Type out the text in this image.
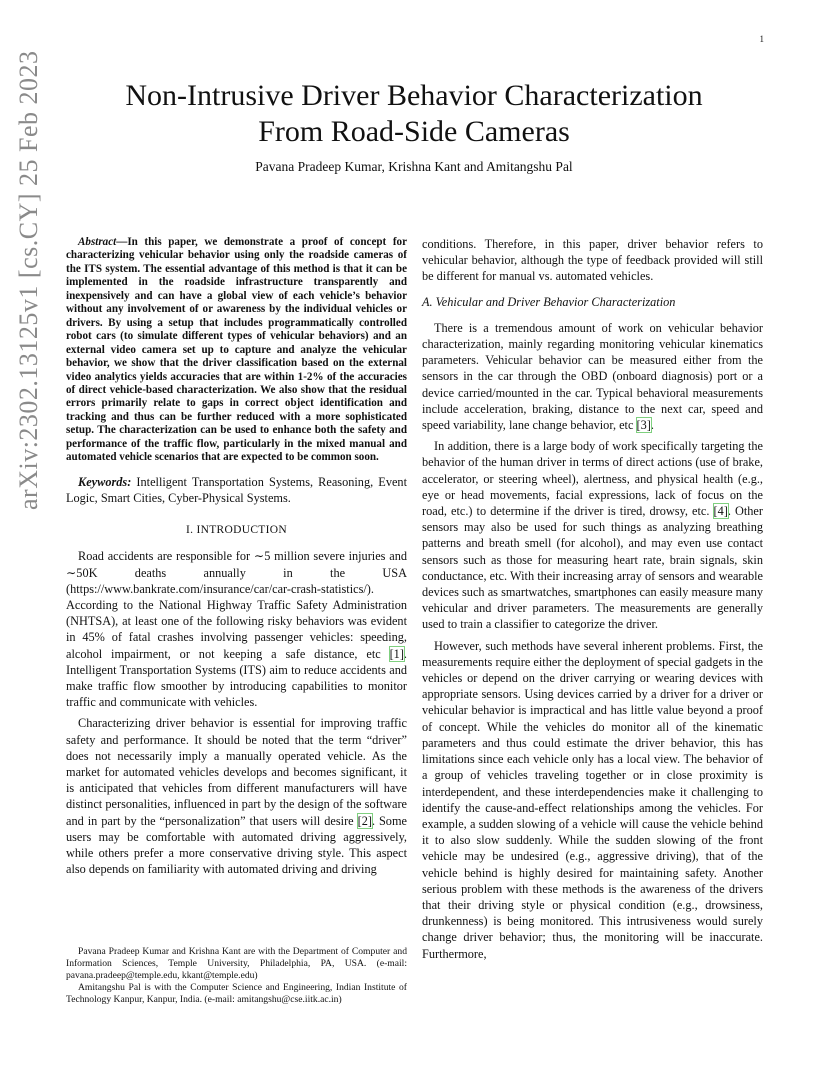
1
arXiv:2302.13125v1 [cs.CY] 25 Feb 2023	Non-Intrusive Driver Behavior Characterization
From Road-Side Cameras
Pavana Pradeep Kumar, Krishna Kant and Amitangshu Pal

Abstract—In this paper, we demonstrate a proof of concept for characterizing vehicular behavior using only the roadside cameras of the ITS system. The essential advantage of this method is that it can be implemented in the roadside infrastructure transparently and inexpensively and can have a global view of each vehicle’s behavior without any involvement of or awareness by the individual vehicles or drivers. By using a setup that includes programmatically controlled robot cars (to simulate different types of vehicular behaviors) and an external video camera set up to capture and analyze the vehicular behavior, we show that the driver classification based on the external video analytics yields accuracies that are within 1-2% of the accuracies of direct vehicle-based characterization. We also show that the residual errors primarily relate to gaps in correct object identification and tracking and thus can be further reduced with a more sophisticated setup. The characterization can be used to enhance both the safety and performance of the traffic flow, particularly in the mixed manual and automated vehicle scenarios that are expected to be common soon.

Keywords: Intelligent Transportation Systems, Reasoning, Event Logic, Smart Cities, Cyber-Physical Systems.

I. INTRODUCTION

Road accidents are responsible for ∼5 million severe injuries and ∼50K deaths annually in the USA (https://www.bankrate.com/insurance/car/car-crash-statistics/). According to the National Highway Traffic Safety Administration (NHTSA), at least one of the following risky behaviors was evident in 45% of fatal crashes involving passenger vehicles: speeding, alcohol impairment, or not keeping a safe distance, etc [1]. Intelligent Transportation Systems (ITS) aim to reduce accidents and make traffic flow smoother by introducing capabilities to monitor traffic and communicate with vehicles.

Characterizing driver behavior is essential for improving traffic safety and performance. It should be noted that the term “driver” does not necessarily imply a manually operated vehicle. As the market for automated vehicles develops and becomes significant, it is anticipated that vehicles from different manufacturers will have distinct personalities, influenced in part by the design of the software and in part by the “personalization” that users will desire [2]. Some users may be comfortable with automated driving aggressively, while others prefer a more conservative driving style. This aspect also depends on familiarity with automated driving and driving

Pavana Pradeep Kumar and Krishna Kant are with the Department of Computer and Information Sciences, Temple University, Philadelphia, PA, USA. (e-mail: pavana.pradeep@temple.edu, kkant@temple.edu)

Amitangshu Pal is with the Computer Science and Engineering, Indian Institute of Technology Kanpur, Kanpur, India. (e-mail: amitangshu@cse.iitk.ac.in)

conditions. Therefore, in this paper, driver behavior refers to vehicular behavior, although the type of feedback provided will still be different for manual vs. automated vehicles.

A. Vehicular and Driver Behavior Characterization

There is a tremendous amount of work on vehicular behavior characterization, mainly regarding monitoring vehicular kinematics parameters. Vehicular behavior can be measured either from the sensors in the car through the OBD (onboard diagnosis) port or a device carried/mounted in the car. Typical behavioral measurements include acceleration, braking, distance to the next car, speed and speed variability, lane change behavior, etc [3].

In addition, there is a large body of work specifically targeting the behavior of the human driver in terms of direct actions (use of brake, accelerator, or steering wheel), alertness, and physical health (e.g., eye or head movements, facial expressions, lack of focus on the road, etc.) to determine if the driver is tired, drowsy, etc. [4]. Other sensors may also be used for such things as analyzing breathing patterns and breath smell (for alcohol), and may even use contact sensors such as those for measuring heart rate, brain signals, skin conductance, etc. With their increasing array of sensors and wearable devices such as smartwatches, smartphones can easily measure many vehicular and driver parameters. The measurements are generally used to train a classifier to categorize the driver.

However, such methods have several inherent problems. First, the measurements require either the deployment of special gadgets in the vehicles or depend on the driver carrying or wearing devices with appropriate sensors. Using devices carried by a driver for a driver or vehicular behavior is impractical and has little value beyond a proof of concept. While the vehicles do monitor all of the kinematic parameters and thus could estimate the driver behavior, this has limitations since each vehicle only has a local view. The behavior of a group of vehicles traveling together or in close proximity is interdependent, and these interdependencies make it challenging to identify the cause-and-effect relationships among the vehicles. For example, a sudden slowing of a vehicle will cause the vehicle behind it to also slow suddenly. While the sudden slowing of the front vehicle may be undesired (e.g., aggressive driving), that of the vehicle behind is highly desired for maintaining safety. Another serious problem with these methods is the awareness of the drivers that their driving style or physical condition (e.g., drowsiness, drunkenness) is being monitored. This intrusiveness would surely change driver behavior; thus, the monitoring will be inaccurate. Furthermore,
